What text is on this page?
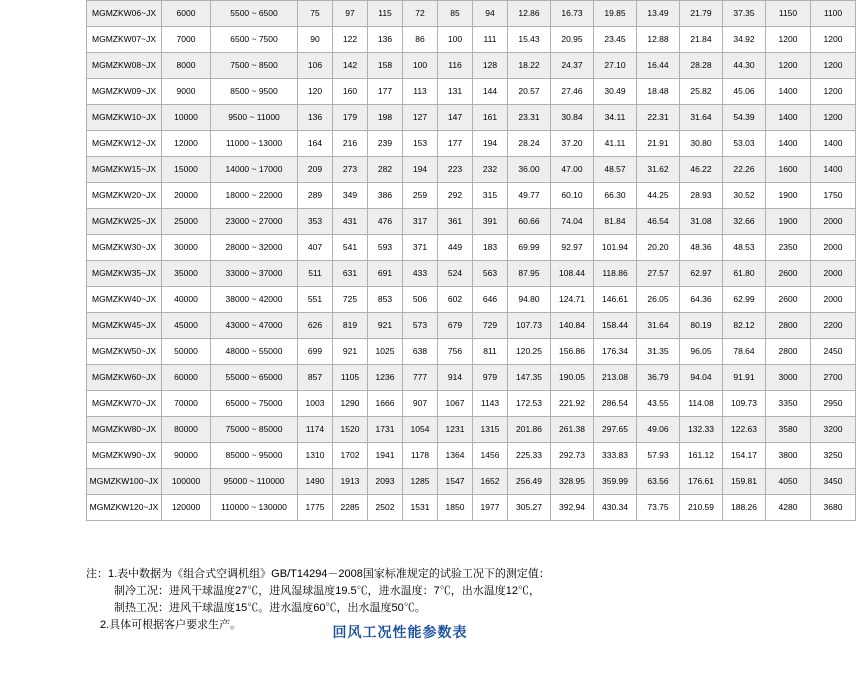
MGMZKW06~JX	6000	5500 ~ 6500	75	97	115	72	85	94	12.86	16.73	19.85	13.49	21.79	37.35	1150	1100
MGMZKW07~JX	7000	6500 ~ 7500	90	122	136	86	100	111	15.43	20.95	23.45	12.88	21.84	34.92	1200	1200
MGMZKW08~JX	8000	7500 ~ 8500	106	142	158	100	116	128	18.22	24.37	27.10	16.44	28.28	44.30	1200	1200
MGMZKW09~JX	9000	8500 ~ 9500	120	160	177	113	131	144	20.57	27.46	30.49	18.48	25.82	45.06	1400	1200
MGMZKW10~JX	10000	9500 ~ 11000	136	179	198	127	147	161	23.31	30.84	34.11	22.31	31.64	54.39	1400	1200
MGMZKW12~JX	12000	11000 ~ 13000	164	216	239	153	177	194	28.24	37.20	41.11	21.91	30.80	53.03	1400	1400
MGMZKW15~JX	15000	14000 ~ 17000	209	273	282	194	223	232	36.00	47.00	48.57	31.62	46.22	22.26	1600	1400
MGMZKW20~JX	20000	18000 ~ 22000	289	349	386	259	292	315	49.77	60.10	66.30	44.25	28.93	30.52	1900	1750
MGMZKW25~JX	25000	23000 ~ 27000	353	431	476	317	361	391	60.66	74.04	81.84	46.54	31.08	32.66	1900	2000
MGMZKW30~JX	30000	28000 ~ 32000	407	541	593	371	449	183	69.99	92.97	101.94	20.20	48.36	48.53	2350	2000
MGMZKW35~JX	35000	33000 ~ 37000	511	631	691	433	524	563	87.95	108.44	118.86	27.57	62.97	61.80	2600	2000
MGMZKW40~JX	40000	38000 ~ 42000	551	725	853	506	602	646	94.80	124.71	146.61	26.05	64.36	62.99	2600	2000
MGMZKW45~JX	45000	43000 ~ 47000	626	819	921	573	679	729	107.73	140.84	158.44	31.64	80.19	82.12	2800	2200
MGMZKW50~JX	50000	48000 ~ 55000	699	921	1025	638	756	811	120.25	156.86	176.34	31.35	96.05	78.64	2800	2450
MGMZKW60~JX	60000	55000 ~ 65000	857	1105	1236	777	914	979	147.35	190.05	213.08	36.79	94.04	91.91	3000	2700
MGMZKW70~JX	70000	65000 ~ 75000	1003	1290	1666	907	1067	1143	172.53	221.92	286.54	43.55	114.08	109.73	3350	2950
MGMZKW80~JX	80000	75000 ~ 85000	1174	1520	1731	1054	1231	1315	201.86	261.38	297.65	49.06	132.33	122.63	3580	3200
MGMZKW90~JX	90000	85000 ~ 95000	1310	1702	1941	1178	1364	1456	225.33	292.73	333.83	57.93	161.12	154.17	3800	3250
MGMZKW100~JX	100000	95000 ~ 110000	1490	1913	2093	1285	1547	1652	256.49	328.95	359.99	63.56	176.61	159.81	4050	3450
MGMZKW120~JX	120000	110000 ~ 130000	1775	2285	2502	1531	1850	1977	305.27	392.94	430.34	73.75	210.59	188.26	4280	3680
注：1.表中数据为《组合式空调机组》GB/T14294－2008国家标准规定的试验工况下的测定值：
制冷工况：进风干球温度27℃，进风湿球温度19.5℃，进水温度：7℃，出水温度12℃，
制热工况：进风干球温度15℃。进水温度60℃，出水温度50℃。
2.具体可根据客户要求生产。	回风工况性能参数表
